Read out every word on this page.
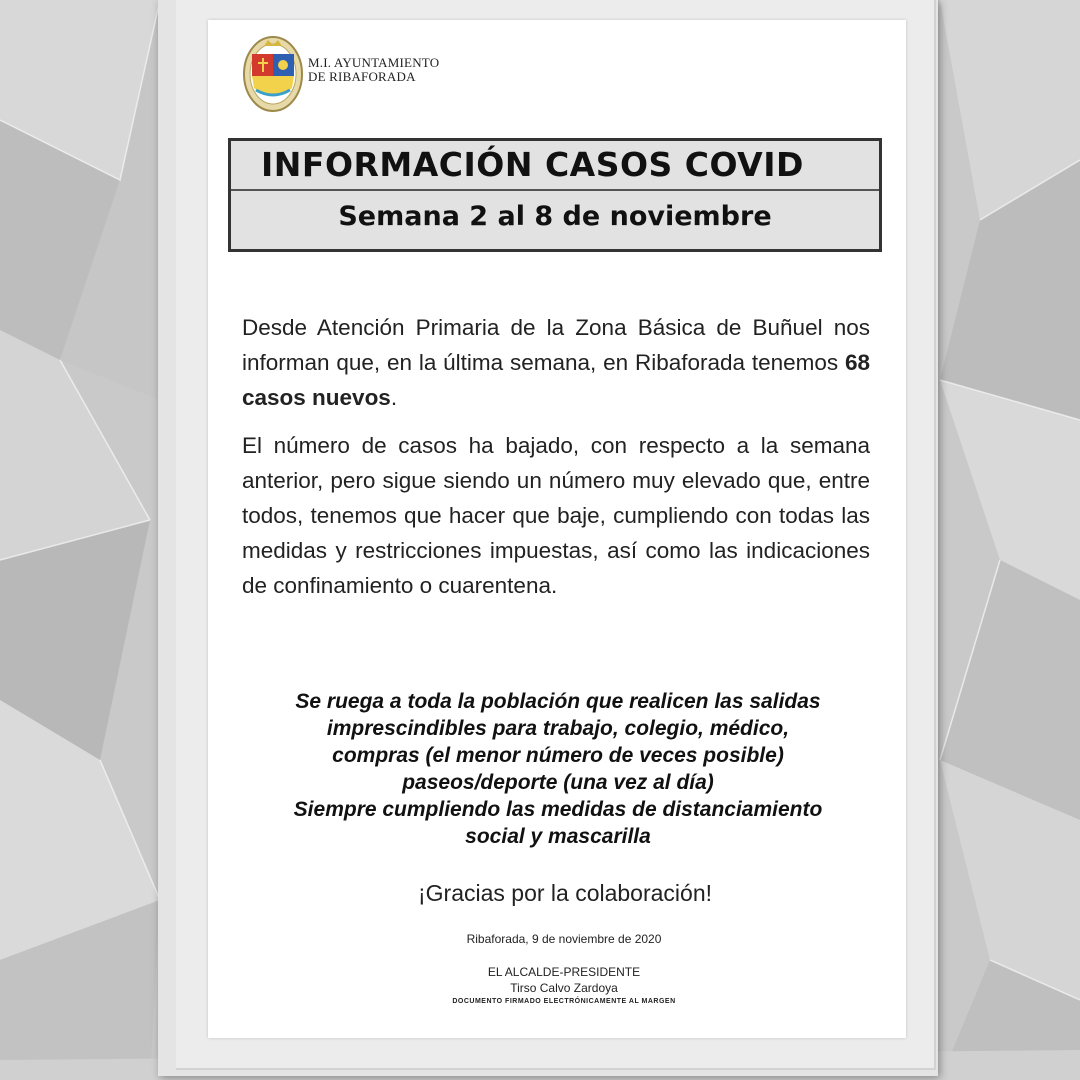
M.I. AYUNTAMIENTO
DE RIBAFORADA
INFORMACIÓN CASOS COVID
Semana 2 al 8 de noviembre
Desde Atención Primaria de la Zona Básica de Buñuel nos informan que, en la última semana, en Ribaforada tenemos 68 casos nuevos.
El número de casos ha bajado, con respecto a la semana anterior, pero sigue siendo un número muy elevado que, entre todos, tenemos que hacer que baje, cumpliendo con todas las medidas y restricciones impuestas, así como las indicaciones de confinamiento o cuarentena.
Se ruega a toda la población que realicen las salidas
imprescindibles para trabajo, colegio, médico,
compras (el menor número de veces posible)
paseos/deporte (una vez al día)
Siempre cumpliendo las medidas de distanciamiento
social y mascarilla
¡Gracias por la colaboración!
Ribaforada, 9 de noviembre de 2020
EL ALCALDE-PRESIDENTE
Tirso Calvo Zardoya
DOCUMENTO FIRMADO ELECTRÓNICAMENTE AL MARGEN
